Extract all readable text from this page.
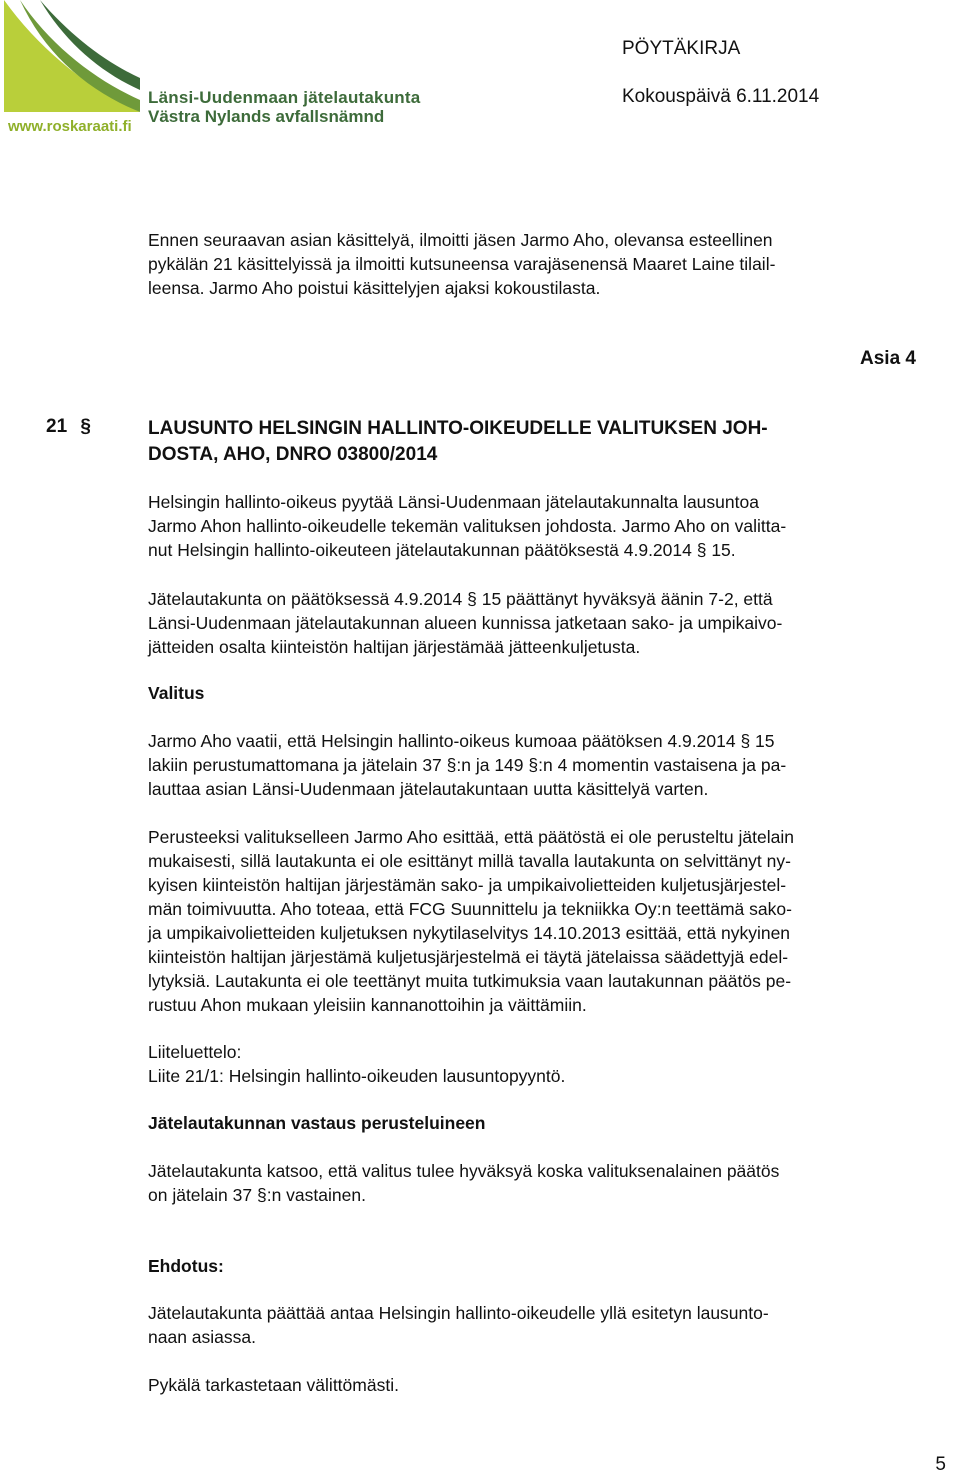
Länsi-Uudenmaan jätelautakunta
Västra Nylands avfallsnämnd
www.roskaraati.fi
PÖYTÄKIRJA
Kokouspäivä 6.11.2014
Ennen seuraavan asian käsittelyä, ilmoitti jäsen Jarmo Aho, olevansa esteellinen
pykälän 21 käsittelyissä ja ilmoitti kutsuneensa varajäsenensä Maaret Laine tilail-
leensa. Jarmo Aho poistui käsittelyjen ajaksi kokoustilasta.
Asia 4
21 §	LAUSUNTO HELSINGIN HALLINTO-OIKEUDELLE VALITUKSEN JOH-
DOSTA, AHO, DNRO 03800/2014
Helsingin hallinto-oikeus pyytää Länsi-Uudenmaan jätelautakunnalta lausuntoa
Jarmo Ahon hallinto-oikeudelle tekemän valituksen johdosta. Jarmo Aho on valitta-
nut Helsingin hallinto-oikeuteen jätelautakunnan päätöksestä 4.9.2014 § 15.
Jätelautakunta on päätöksessä 4.9.2014 § 15 päättänyt hyväksyä äänin 7-2, että
Länsi-Uudenmaan jätelautakunnan alueen kunnissa jatketaan sako- ja umpikaivo-
jätteiden osalta kiinteistön haltijan järjestämää jätteenkuljetusta.
Valitus
Jarmo Aho vaatii, että Helsingin hallinto-oikeus kumoaa päätöksen 4.9.2014 § 15
lakiin perustumattomana ja jätelain 37 §:n ja 149 §:n 4 momentin vastaisena ja pa-
lauttaa asian Länsi-Uudenmaan jätelautakuntaan uutta käsittelyä varten.
Perusteeksi valitukselleen Jarmo Aho esittää, että päätöstä ei ole perusteltu jätelain
mukaisesti, sillä lautakunta ei ole esittänyt millä tavalla lautakunta on selvittänyt ny-
kyisen kiinteistön haltijan järjestämän sako- ja umpikaivolietteiden kuljetusjärjestel-
män toimivuutta. Aho toteaa, että FCG Suunnittelu ja tekniikka Oy:n teettämä sako-
ja umpikaivolietteiden kuljetuksen nykytilaselvitys 14.10.2013 esittää, että nykyinen
kiinteistön haltijan järjestämä kuljetusjärjestelmä ei täytä jätelaissa säädettyjä edel-
lytyksiä. Lautakunta ei ole teettänyt muita tutkimuksia vaan lautakunnan päätös pe-
rustuu Ahon mukaan yleisiin kannanottoihin ja väittämiin.
Liiteluettelo:
Liite 21/1: Helsingin hallinto-oikeuden lausuntopyyntö.
Jätelautakunnan vastaus perusteluineen
Jätelautakunta katsoo, että valitus tulee hyväksyä koska valituksenalainen päätös
on jätelain 37 §:n vastainen.
Ehdotus:
Jätelautakunta päättää antaa Helsingin hallinto-oikeudelle yllä esitetyn lausunto-
naan asiassa.
Pykälä tarkastetaan välittömästi.
5
